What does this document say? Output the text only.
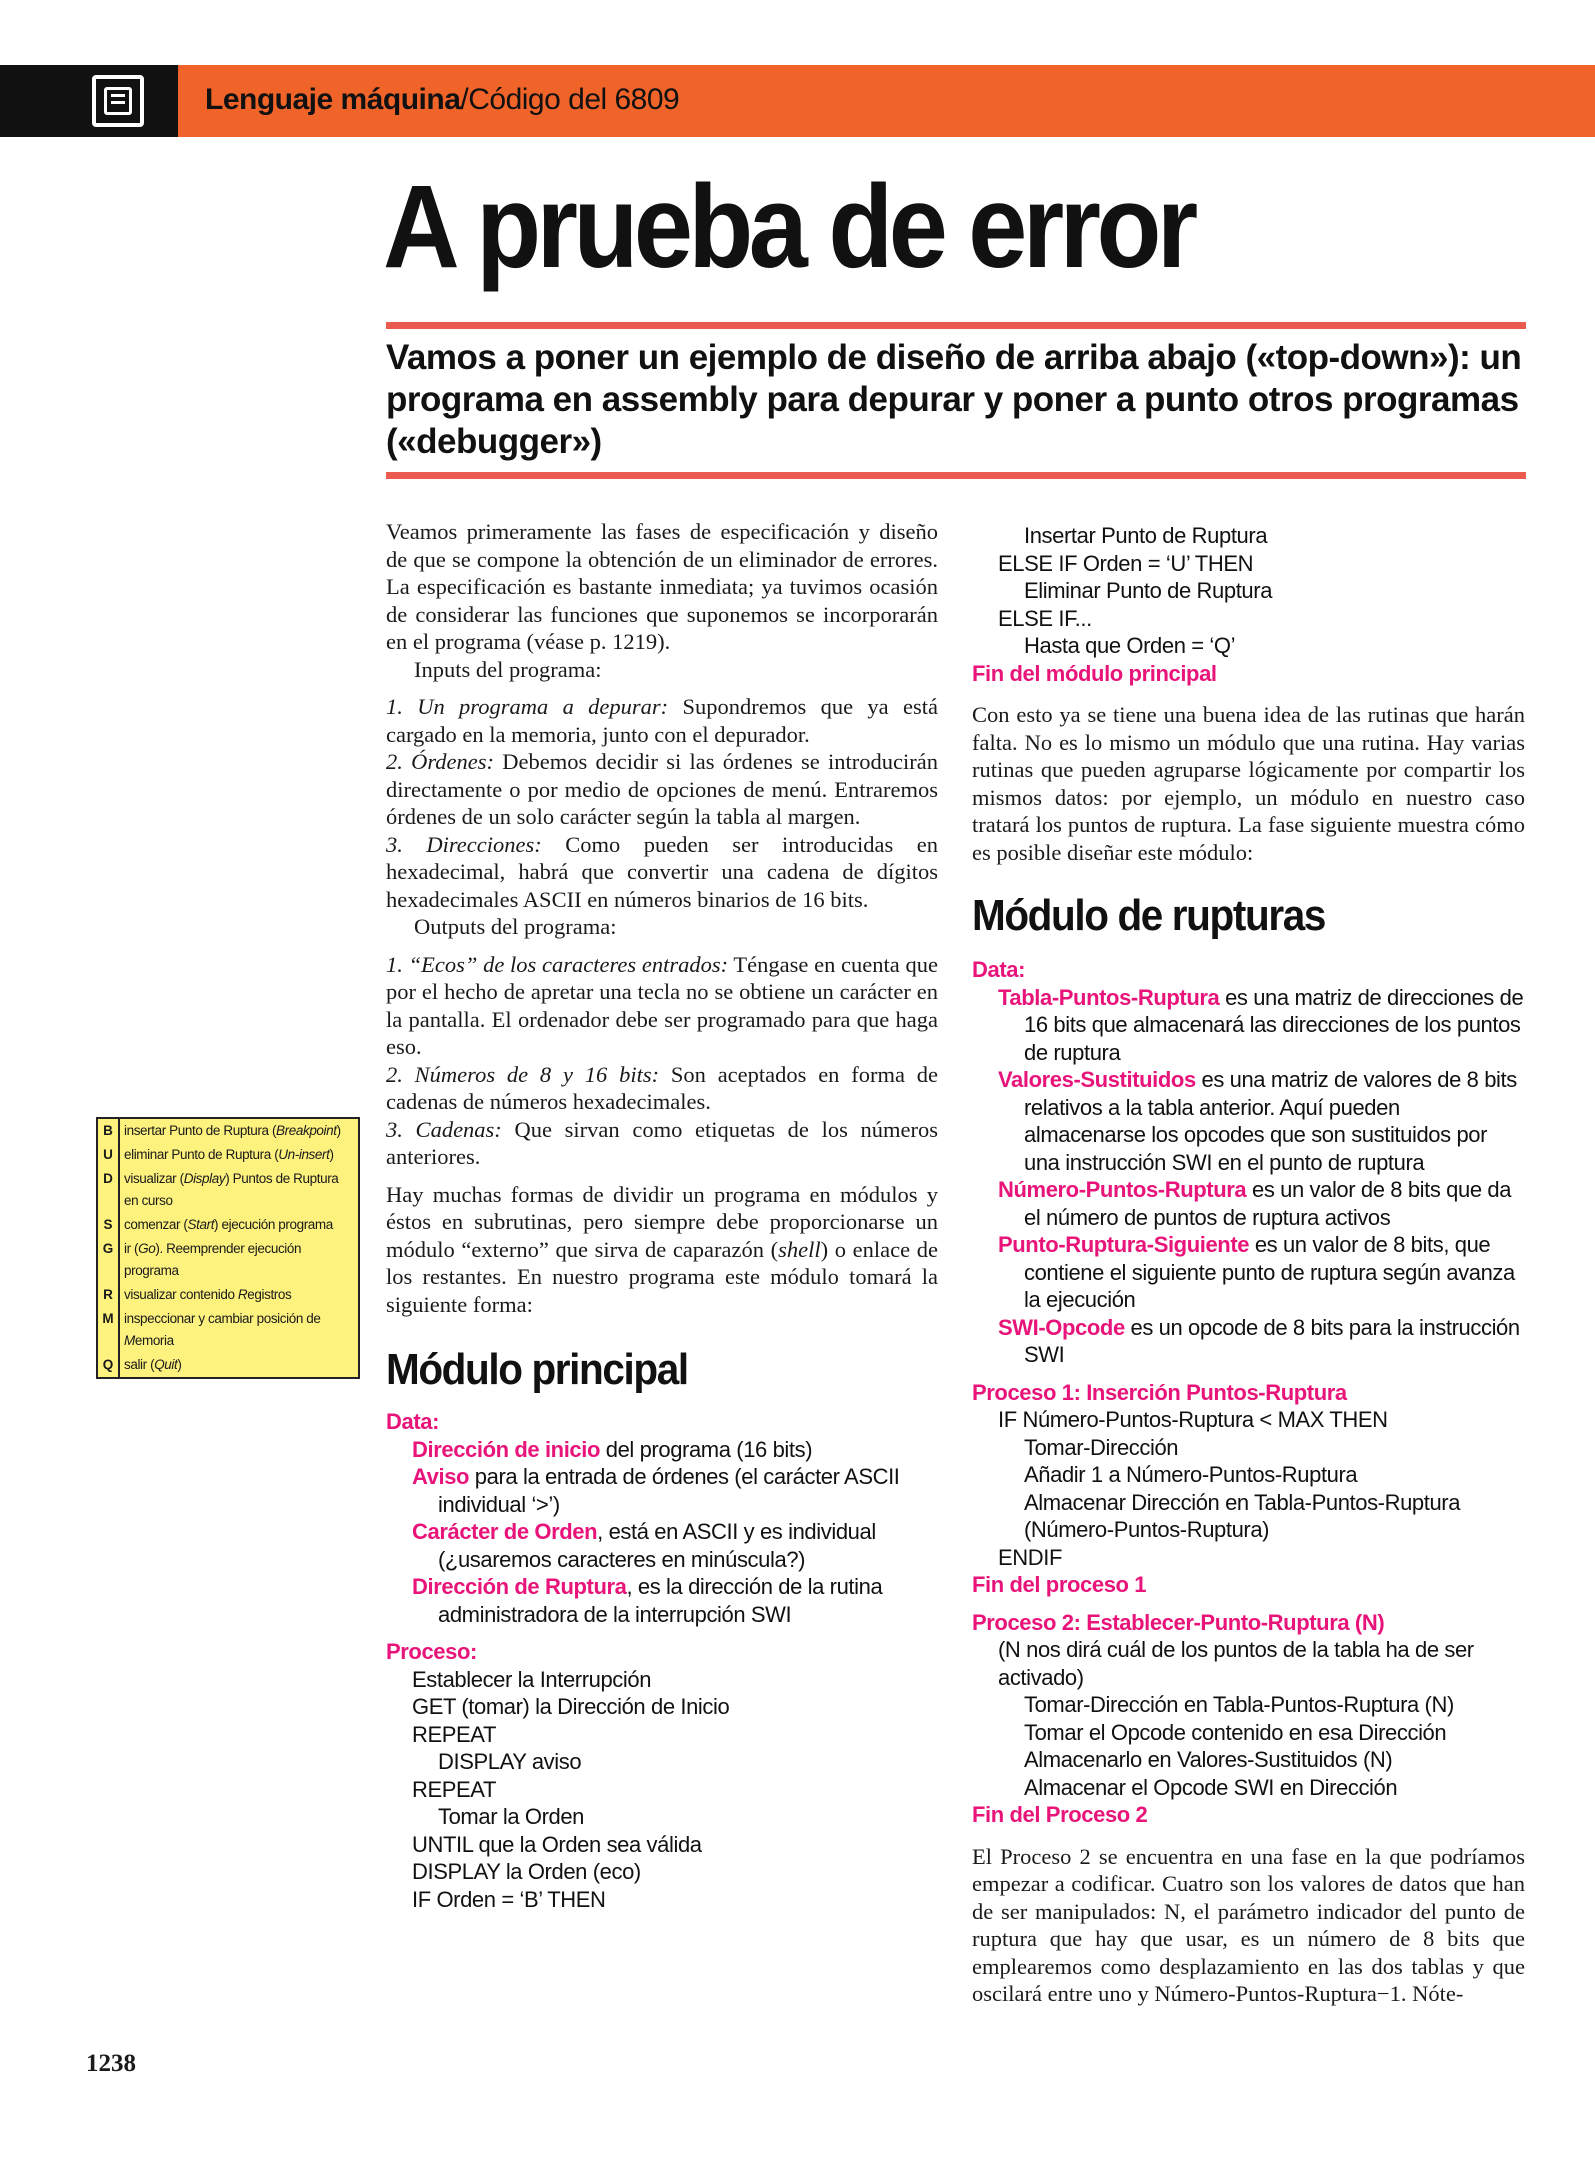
Lenguaje máquina/Código del 6809
A prueba de error
Vamos a poner un ejemplo de diseño de arriba abajo («top-down»): un programa en assembly para depurar y poner a punto otros programas («debugger»)

Veamos primeramente las fases de especificación y diseño de que se compone la obtención de un eliminador de errores. La especificación es bastante inmediata; ya tuvimos ocasión de considerar las funciones que suponemos se incorporarán en el programa (véase p. 1219).

Inputs del programa:

1. Un programa a depurar: Supondremos que ya está cargado en la memoria, junto con el depurador.

2. Órdenes: Debemos decidir si las órdenes se introducirán directamente o por medio de opciones de menú. Entraremos órdenes de un solo carácter según la tabla al margen.

3. Direcciones: Como pueden ser introducidas en hexadecimal, habrá que convertir una cadena de dígitos hexadecimales ASCII en números binarios de 16 bits.

Outputs del programa:

1. “Ecos” de los caracteres entrados: Téngase en cuenta que por el hecho de apretar una tecla no se obtiene un carácter en la pantalla. El ordenador debe ser programado para que haga eso.

2. Números de 8 y 16 bits: Son aceptados en forma de cadenas de números hexadecimales.

3. Cadenas: Que sirvan como etiquetas de los números anteriores.

Hay muchas formas de dividir un programa en módulos y éstos en subrutinas, pero siempre debe proporcionarse un módulo “externo” que sirva de caparazón (shell) o enlace de los restantes. En nuestro programa este módulo tomará la siguiente forma:

Módulo principal
Data:
Dirección de inicio del programa (16 bits)
Aviso para la entrada de órdenes (el carácter ASCII individual ‘>’)
Carácter de Orden, está en ASCII y es individual (¿usaremos caracteres en minúscula?)
Dirección de Ruptura, es la dirección de la rutina administradora de la interrupción SWI
Proceso:
Establecer la Interrupción
GET (tomar) la Dirección de Inicio
REPEAT
DISPLAY aviso
REPEAT
Tomar la Orden
UNTIL que la Orden sea válida
DISPLAY la Orden (eco)
IF Orden = ‘B’ THEN
Insertar Punto de Ruptura
ELSE IF Orden = ‘U’ THEN
Eliminar Punto de Ruptura
ELSE IF...
Hasta que Orden = ‘Q’
Fin del módulo principal

Con esto ya se tiene una buena idea de las rutinas que harán falta. No es lo mismo un módulo que una rutina. Hay varias rutinas que pueden agruparse lógicamente por compartir los mismos datos: por ejemplo, un módulo en nuestro caso tratará los puntos de ruptura. La fase siguiente muestra cómo es posible diseñar este módulo:

Módulo de rupturas
Data:
Tabla-Puntos-Ruptura es una matriz de direcciones de 16 bits que almacenará las direcciones de los puntos de ruptura
Valores-Sustituidos es una matriz de valores de 8 bits relativos a la tabla anterior. Aquí pueden almacenarse los opcodes que son sustituidos por una instrucción SWI en el punto de ruptura
Número-Puntos-Ruptura es un valor de 8 bits que da el número de puntos de ruptura activos
Punto-Ruptura-Siguiente es un valor de 8 bits, que contiene el siguiente punto de ruptura según avanza la ejecución
SWI-Opcode es un opcode de 8 bits para la instrucción SWI
Proceso 1: Inserción Puntos-Ruptura
IF Número-Puntos-Ruptura < MAX THEN
Tomar-Dirección
Añadir 1 a Número-Puntos-Ruptura
Almacenar Dirección en Tabla-Puntos-Ruptura (Número-Puntos-Ruptura)
ENDIF
Fin del proceso 1
Proceso 2: Establecer-Punto-Ruptura (N)
(N nos dirá cuál de los puntos de la tabla ha de ser activado)
Tomar-Dirección en Tabla-Puntos-Ruptura (N)
Tomar el Opcode contenido en esa Dirección
Almacenarlo en Valores-Sustituidos (N)
Almacenar el Opcode SWI en Dirección
Fin del Proceso 2

El Proceso 2 se encuentra en una fase en la que podríamos empezar a codificar. Cuatro son los valores de datos que han de ser manipulados: N, el parámetro indicador del punto de ruptura que hay que usar, es un número de 8 bits que emplearemos como desplazamiento en las dos tablas y que oscilará entre uno y Número-Puntos-Ruptura−1. Nóte-

B insertar Punto de Ruptura (Breakpoint)
U eliminar Punto de Ruptura (Un-insert)
D visualizar (Display) Puntos de Ruptura en curso
S comenzar (Start) ejecución programa
G ir (Go). Reemprender ejecución programa
R visualizar contenido Registros
M inspeccionar y cambiar posición de Memoria
Q salir (Quit)
1238
